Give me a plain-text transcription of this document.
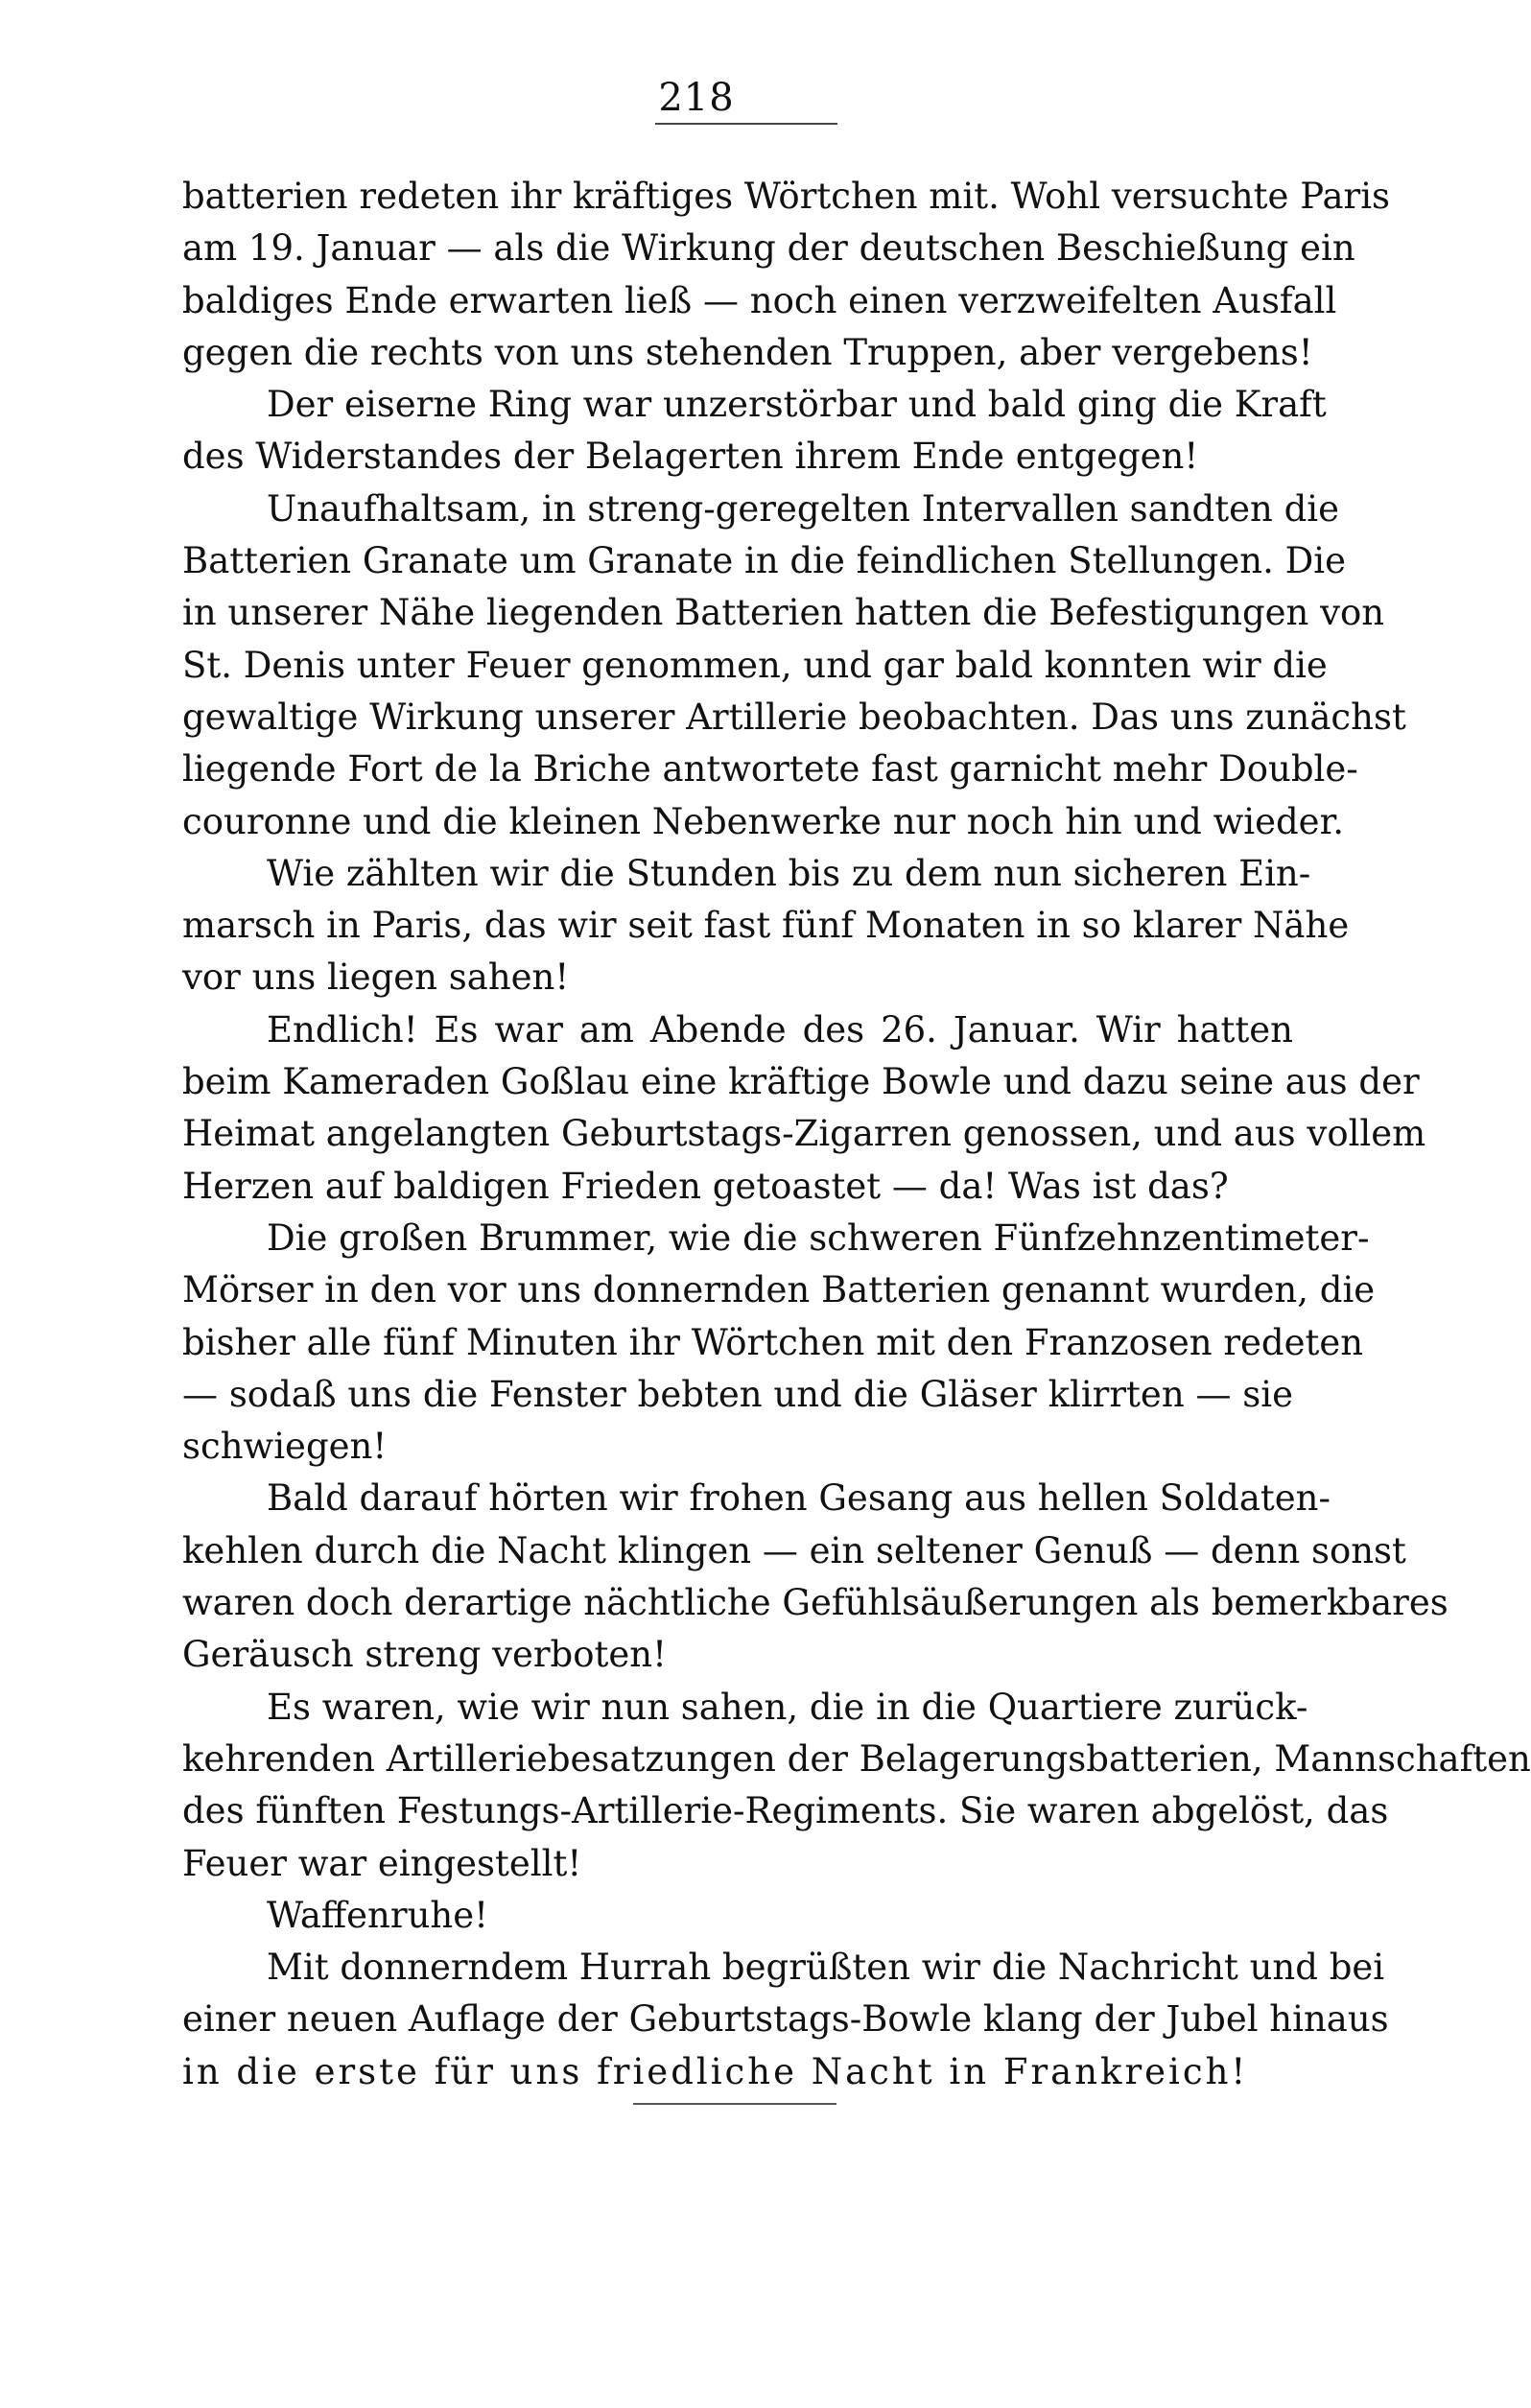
218
batterien redeten ihr kräftiges Wörtchen mit. Wohl versuchte Paris
am 19. Januar — als die Wirkung der deutschen Beschießung ein
baldiges Ende erwarten ließ — noch einen verzweifelten Ausfall
gegen die rechts von uns stehenden Truppen, aber vergebens!
Der eiserne Ring war unzerstörbar und bald ging die Kraft
des Widerstandes der Belagerten ihrem Ende entgegen!
Unaufhaltsam, in streng-geregelten Intervallen sandten die
Batterien Granate um Granate in die feindlichen Stellungen. Die
in unserer Nähe liegenden Batterien hatten die Befestigungen von
St. Denis unter Feuer genommen, und gar bald konnten wir die
gewaltige Wirkung unserer Artillerie beobachten. Das uns zunächst
liegende Fort de la Briche antwortete fast garnicht mehr Double-
couronne und die kleinen Nebenwerke nur noch hin und wieder.
Wie zählten wir die Stunden bis zu dem nun sicheren Ein-
marsch in Paris, das wir seit fast fünf Monaten in so klarer Nähe
vor uns liegen sahen!
Endlich! Es war am Abende des 26. Januar. Wir hatten
beim Kameraden Goßlau eine kräftige Bowle und dazu seine aus der
Heimat angelangten Geburtstags-Zigarren genossen, und aus vollem
Herzen auf baldigen Frieden getoastet — da! Was ist das?
Die großen Brummer, wie die schweren Fünfzehnzentimeter-
Mörser in den vor uns donnernden Batterien genannt wurden, die
bisher alle fünf Minuten ihr Wörtchen mit den Franzosen redeten
— sodaß uns die Fenster bebten und die Gläser klirrten — sie
schwiegen!
Bald darauf hörten wir frohen Gesang aus hellen Soldaten-
kehlen durch die Nacht klingen — ein seltener Genuß — denn sonst
waren doch derartige nächtliche Gefühlsäußerungen als bemerkbares
Geräusch streng verboten!
Es waren, wie wir nun sahen, die in die Quartiere zurück-
kehrenden Artilleriebesatzungen der Belagerungsbatterien, Mannschaften
des fünften Festungs-Artillerie-Regiments. Sie waren abgelöst, das
Feuer war eingestellt!
Waffenruhe!
Mit donnerndem Hurrah begrüßten wir die Nachricht und bei
einer neuen Auflage der Geburtstags-Bowle klang der Jubel hinaus
in die erste für uns friedliche Nacht in Frankreich!
